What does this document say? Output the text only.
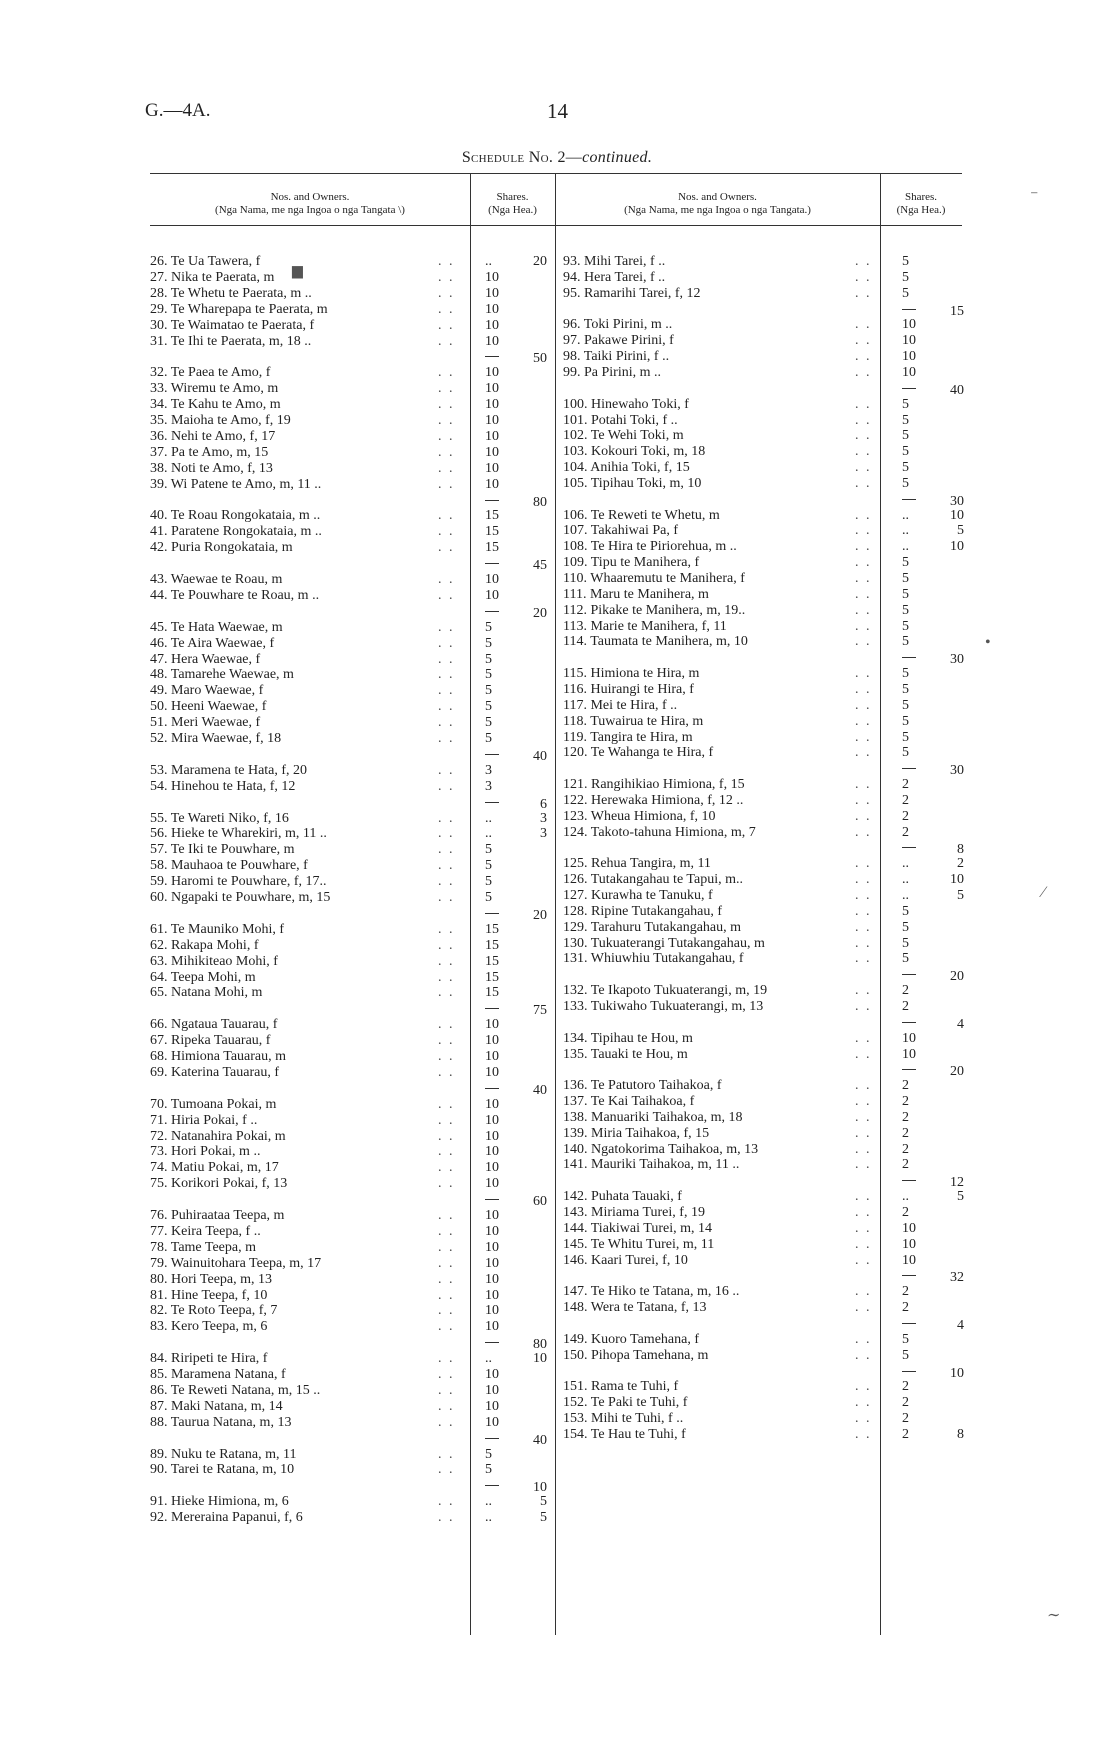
G.—4A.	14
Schedule No. 2—continued.
Nos. and Owners.
(Nga Nama, me nga Ingoa o nga Tangata \)
Shares.
(Nga Hea.)
Nos. and Owners.
(Nga Nama, me nga Ingoa o nga Tangata.)
Shares.
(Nga Hea.)
▆
⁻
•
⁄
∼
26. Te Ua Tawera, f	. . ..	20
27. Nika te Paerata, m	. . 10
28. Te Whetu te Paerata, m ..	. . 10
29. Te Wharepapa te Paerata, m	. . 10
30. Te Waimatao te Paerata, f	. . 10
31. Te Ihi te Paerata, m, 18 ..	. . 10
50
32. Te Paea te Amo, f	. . 10
33. Wiremu te Amo, m	. . 10
34. Te Kahu te Amo, m	. . 10
35. Maioha te Amo, f, 19	. . 10
36. Nehi te Amo, f, 17	. . 10
37. Pa te Amo, m, 15	. . 10
38. Noti te Amo, f, 13	. . 10
39. Wi Patene te Amo, m, 11 ..	. . 10
80
40. Te Roau Rongokataia, m ..	. . 15
41. Paratene Rongokataia, m ..	. . 15
42. Puria Rongokataia, m	. . 15
45
43. Waewae te Roau, m	. . 10
44. Te Pouwhare te Roau, m ..	. . 10
20
45. Te Hata Waewae, m	. . 5
46. Te Aira Waewae, f	. . 5
47. Hera Waewae, f	. . 5
48. Tamarehe Waewae, m	. . 5
49. Maro Waewae, f	. . 5
50. Heeni Waewae, f	. . 5
51. Meri Waewae, f	. . 5
52. Mira Waewae, f, 18	. . 5
40
53. Maramena te Hata, f, 20	. . 3
54. Hinehou te Hata, f, 12	. . 3
6
55. Te Wareti Niko, f, 16	. . ..	3
56. Hieke te Wharekiri, m, 11 ..	. . ..	3
57. Te Iki te Pouwhare, m	. . 5
58. Mauhaoa te Pouwhare, f	. . 5
59. Haromi te Pouwhare, f, 17..	. . 5
60. Ngapaki te Pouwhare, m, 15	. . 5
20
61. Te Mauniko Mohi, f	. . 15
62. Rakapa Mohi, f	. . 15
63. Mihikiteao Mohi, f	. . 15
64. Teepa Mohi, m	. . 15
65. Natana Mohi, m	. . 15
75
66. Ngataua Tauarau, f	. . 10
67. Ripeka Tauarau, f	. . 10
68. Himiona Tauarau, m	. . 10
69. Katerina Tauarau, f	. . 10
40
70. Tumoana Pokai, m	. . 10
71. Hiria Pokai, f ..	. . 10
72. Natanahira Pokai, m	. . 10
73. Hori Pokai, m ..	. . 10
74. Matiu Pokai, m, 17	. . 10
75. Korikori Pokai, f, 13	. . 10
60
76. Puhiraataa Teepa, m	. . 10
77. Keira Teepa, f ..	. . 10
78. Tame Teepa, m	. . 10
79. Wainuitohara Teepa, m, 17	. . 10
80. Hori Teepa, m, 13	. . 10
81. Hine Teepa, f, 10	. . 10
82. Te Roto Teepa, f, 7	. . 10
83. Kero Teepa, m, 6	. . 10
80
84. Riripeti te Hira, f	. . ..	10
85. Maramena Natana, f	. . 10
86. Te Reweti Natana, m, 15 ..	. . 10
87. Maki Natana, m, 14	. . 10
88. Taurua Natana, m, 13	. . 10
40
89. Nuku te Ratana, m, 11	. . 5
90. Tarei te Ratana, m, 10	. . 5
10
91. Hieke Himiona, m, 6	. . ..	5
92. Mereraina Papanui, f, 6	. . ..	5
93. Mihi Tarei, f ..	. . 5
94. Hera Tarei, f ..	. . 5
95. Ramarihi Tarei, f, 12	. . 5
15
96. Toki Pirini, m ..	. . 10
97. Pakawe Pirini, f	. . 10
98. Taiki Pirini, f ..	. . 10
99. Pa Pirini, m ..	. . 10
40
100. Hinewaho Toki, f	. . 5
101. Potahi Toki, f ..	. . 5
102. Te Wehi Toki, m	. . 5
103. Kokouri Toki, m, 18	. . 5
104. Anihia Toki, f, 15	. . 5
105. Tipihau Toki, m, 10	. . 5
30
106. Te Reweti te Whetu, m	. . ..	10
107. Takahiwai Pa, f	. . ..	5
108. Te Hira te Piriorehua, m ..	. . ..	10
109. Tipu te Manihera, f	. . 5
110. Whaaremutu te Manihera, f	. . 5
111. Maru te Manihera, m	. . 5
112. Pikake te Manihera, m, 19..	. . 5
113. Marie te Manihera, f, 11	. . 5
114. Taumata te Manihera, m, 10	. . 5
30
115. Himiona te Hira, m	. . 5
116. Huirangi te Hira, f	. . 5
117. Mei te Hira, f ..	. . 5
118. Tuwairua te Hira, m	. . 5
119. Tangira te Hira, m	. . 5
120. Te Wahanga te Hira, f	. . 5
30
121. Rangihikiao Himiona, f, 15	. . 2
122. Herewaka Himiona, f, 12 ..	. . 2
123. Wheua Himiona, f, 10	. . 2
124. Takoto-tahuna Himiona, m, 7	. . 2
8
125. Rehua Tangira, m, 11	. . ..	2
126. Tutakangahau te Tapui, m..	. . ..	10
127. Kurawha te Tanuku, f	. . ..	5
128. Ripine Tutakangahau, f	. . 5
129. Tarahuru Tutakangahau, m	. . 5
130. Tukuaterangi Tutakangahau, m	. . 5
131. Whiuwhiu Tutakangahau, f	. . 5
20
132. Te Ikapoto Tukuaterangi, m, 19	. . 2
133. Tukiwaho Tukuaterangi, m, 13	. . 2
4
134. Tipihau te Hou, m	. . 10
135. Tauaki te Hou, m	. . 10
20
136. Te Patutoro Taihakoa, f	. . 2
137. Te Kai Taihakoa, f	. . 2
138. Manuariki Taihakoa, m, 18	. . 2
139. Miria Taihakoa, f, 15	. . 2
140. Ngatokorima Taihakoa, m, 13	. . 2
141. Mauriki Taihakoa, m, 11 ..	. . 2
12
142. Puhata Tauaki, f	. . ..	5
143. Miriama Turei, f, 19	. . 2
144. Tiakiwai Turei, m, 14	. . 10
145. Te Whitu Turei, m, 11	. . 10
146. Kaari Turei, f, 10	. . 10
32
147. Te Hiko te Tatana, m, 16 ..	. . 2
148. Wera te Tatana, f, 13	. . 2
4
149. Kuoro Tamehana, f	. . 5
150. Pihopa Tamehana, m	. . 5
10
151. Rama te Tuhi, f	. . 2
152. Te Paki te Tuhi, f	. . 2
153. Mihi te Tuhi, f ..	. . 2
154. Te Hau te Tuhi, f	. . 2	8
